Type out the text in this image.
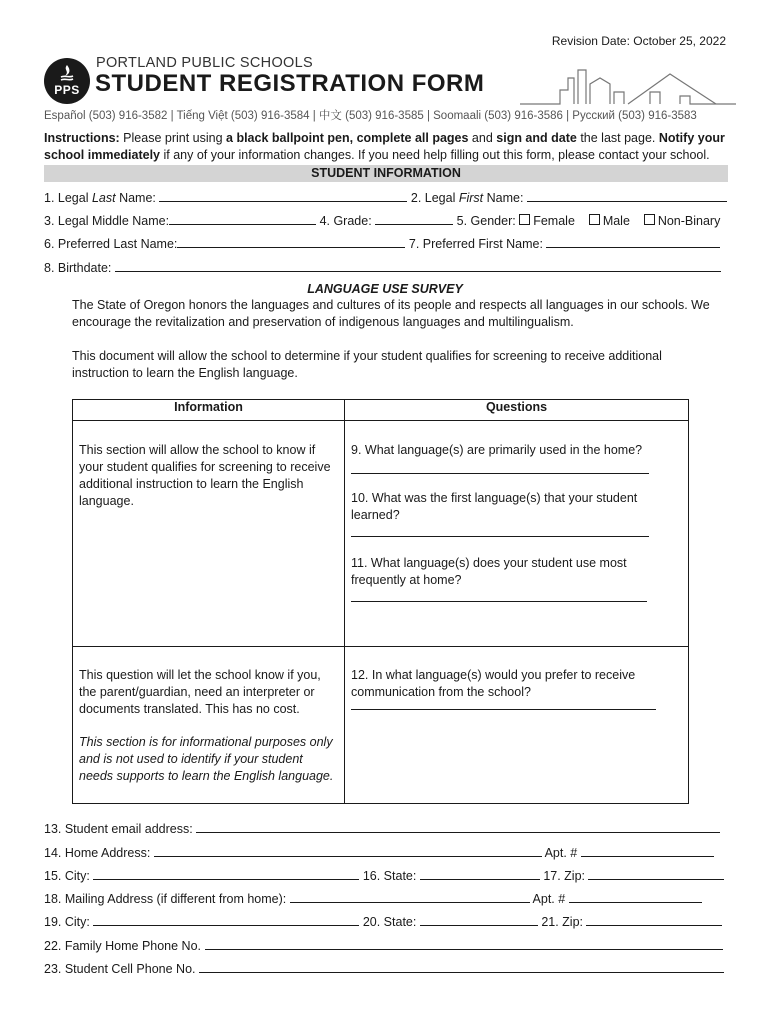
Revision Date: October 25, 2022
PPS
PORTLAND PUBLIC SCHOOLS
STUDENT REGISTRATION FORM
Español (503) 916-3582 | Tiếng Việt (503) 916-3584 | 中文 (503) 916-3585 | Soomaali (503) 916-3586 | Русский (503) 916-3583
Instructions: Please print using a black ballpoint pen, complete all pages and sign and date the last page. Notify your school immediately if any of your information changes. If you need help filling out this form, please contact your school.
STUDENT INFORMATION
1. Legal Last Name:	2. Legal First Name:
3. Legal Middle Name:	4. Grade:	5. Gender: Female Male Non-Binary
6. Preferred Last Name:	7. Preferred First Name:
8. Birthdate:
LANGUAGE USE SURVEY
The State of Oregon honors the languages and cultures of its people and respects all languages in our schools. We encourage the revitalization and preservation of indigenous languages and multilingualism.
This document will allow the school to determine if your student qualifies for screening to receive additional instruction to learn the English language.
Information	Questions

This section will allow the school to know if your student qualifies for screening to receive additional instruction to learn the English language.	9. What language(s) are primarily used in the home?
10. What was the first language(s) that your student learned?
11. What language(s) does your student use most frequently at home?

This question will let the school know if you, the parent/guardian, need an interpreter or documents translated. This has no cost.
This section is for informational purposes only and is not used to identify if your student needs supports to learn the English language.	12. In what language(s) would you prefer to receive communication from the school?
13. Student email address:
14. Home Address:	Apt. #
15. City:	16. State:	17. Zip:
18. Mailing Address (if different from home):	Apt. #
19. City:	20. State:	21. Zip:
22. Family Home Phone No.
23. Student Cell Phone No.
